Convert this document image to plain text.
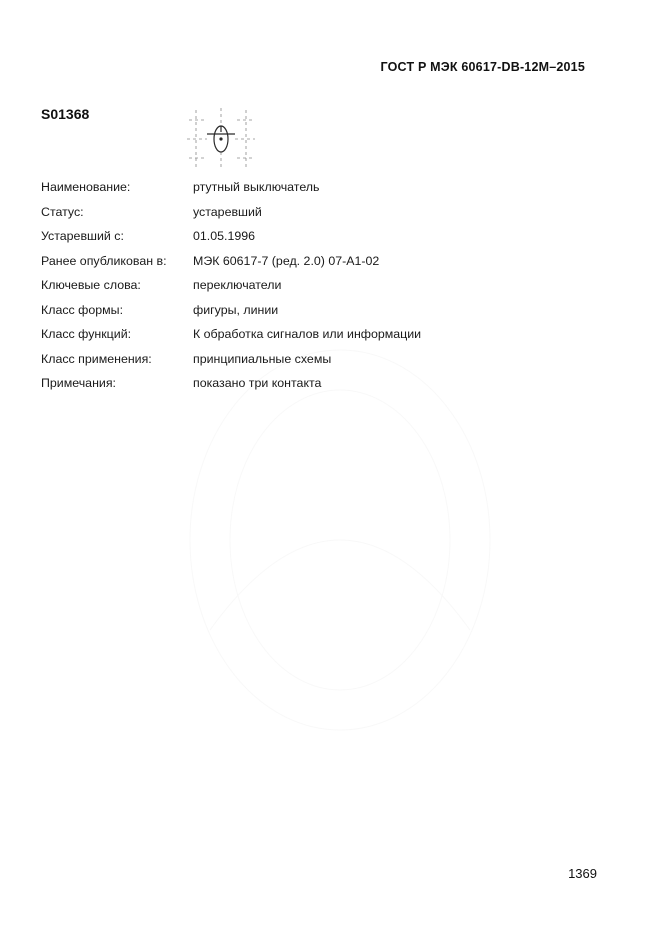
ГОСТ Р МЭК 60617-DB-12M–2015
S01368
Наименование:	ртутный выключатель
Статус:	устаревший
Устаревший с:	01.05.1996
Ранее опубликован в:	МЭК 60617-7 (ред. 2.0) 07-A1-02
Ключевые слова:	переключатели
Класс формы:	фигуры, линии
Класс функций:	К обработка сигналов или информации
Класс применения:	принципиальные схемы
Примечания:	показано три контакта
1369
